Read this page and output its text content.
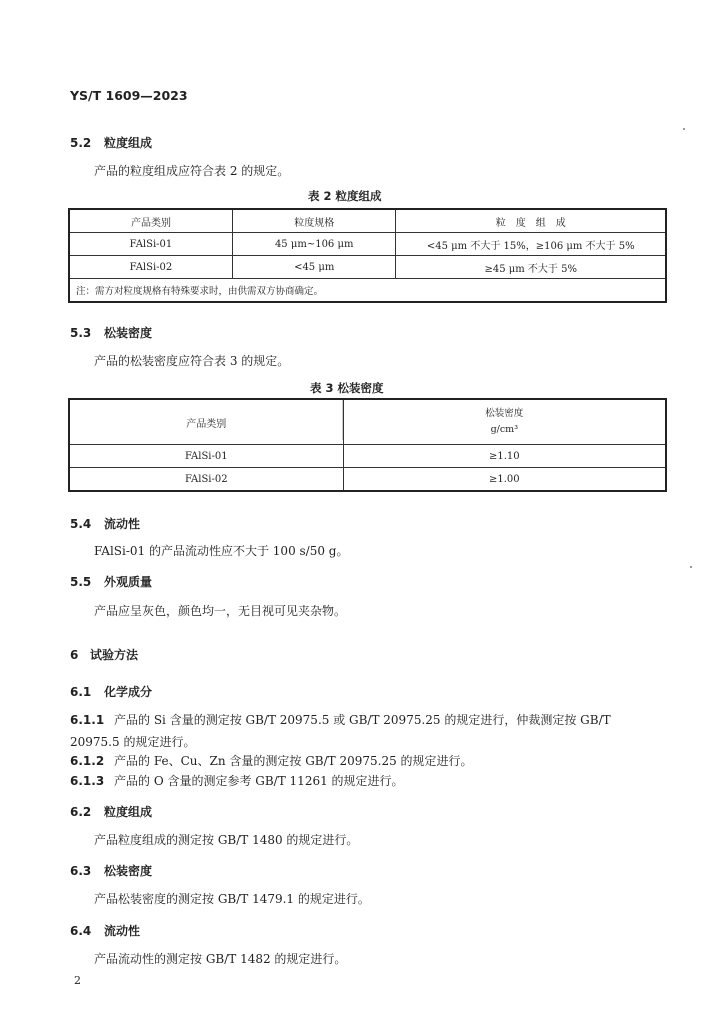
YS/T 1609—2023
5.2 粒度组成
产品的粒度组成应符合表 2 的规定。
表 2 粒度组成
产品类别	粒度规格	粒　度　组　成
FAlSi-01	45 μm~106 μm	<45 μm 不大于 15%，≥106 μm 不大于 5%
FAlSi-02	<45 μm	≥45 μm 不大于 5%
注：需方对粒度规格有特殊要求时，由供需双方协商确定。		
5.3 松装密度
产品的松装密度应符合表 3 的规定。
表 3 松装密度
产品类别	松装密度
g/cm³

FAlSi-01	≥1.10
FAlSi-02	≥1.00
5.4 流动性
FAlSi-01 的产品流动性应不大于 100 s/50 g。
5.5 外观质量
产品应呈灰色，颜色均一，无目视可见夹杂物。
6 试验方法
6.1 化学成分
6.1.1 产品的 Si 含量的测定按 GB/T 20975.5 或 GB/T 20975.25 的规定进行，仲裁测定按 GB/T
20975.5 的规定进行。
6.1.2 产品的 Fe、Cu、Zn 含量的测定按 GB/T 20975.25 的规定进行。
6.1.3 产品的 O 含量的测定参考 GB/T 11261 的规定进行。
6.2 粒度组成
产品粒度组成的测定按 GB/T 1480 的规定进行。
6.3 松装密度
产品松装密度的测定按 GB/T 1479.1 的规定进行。
6.4 流动性
产品流动性的测定按 GB/T 1482 的规定进行。
2
